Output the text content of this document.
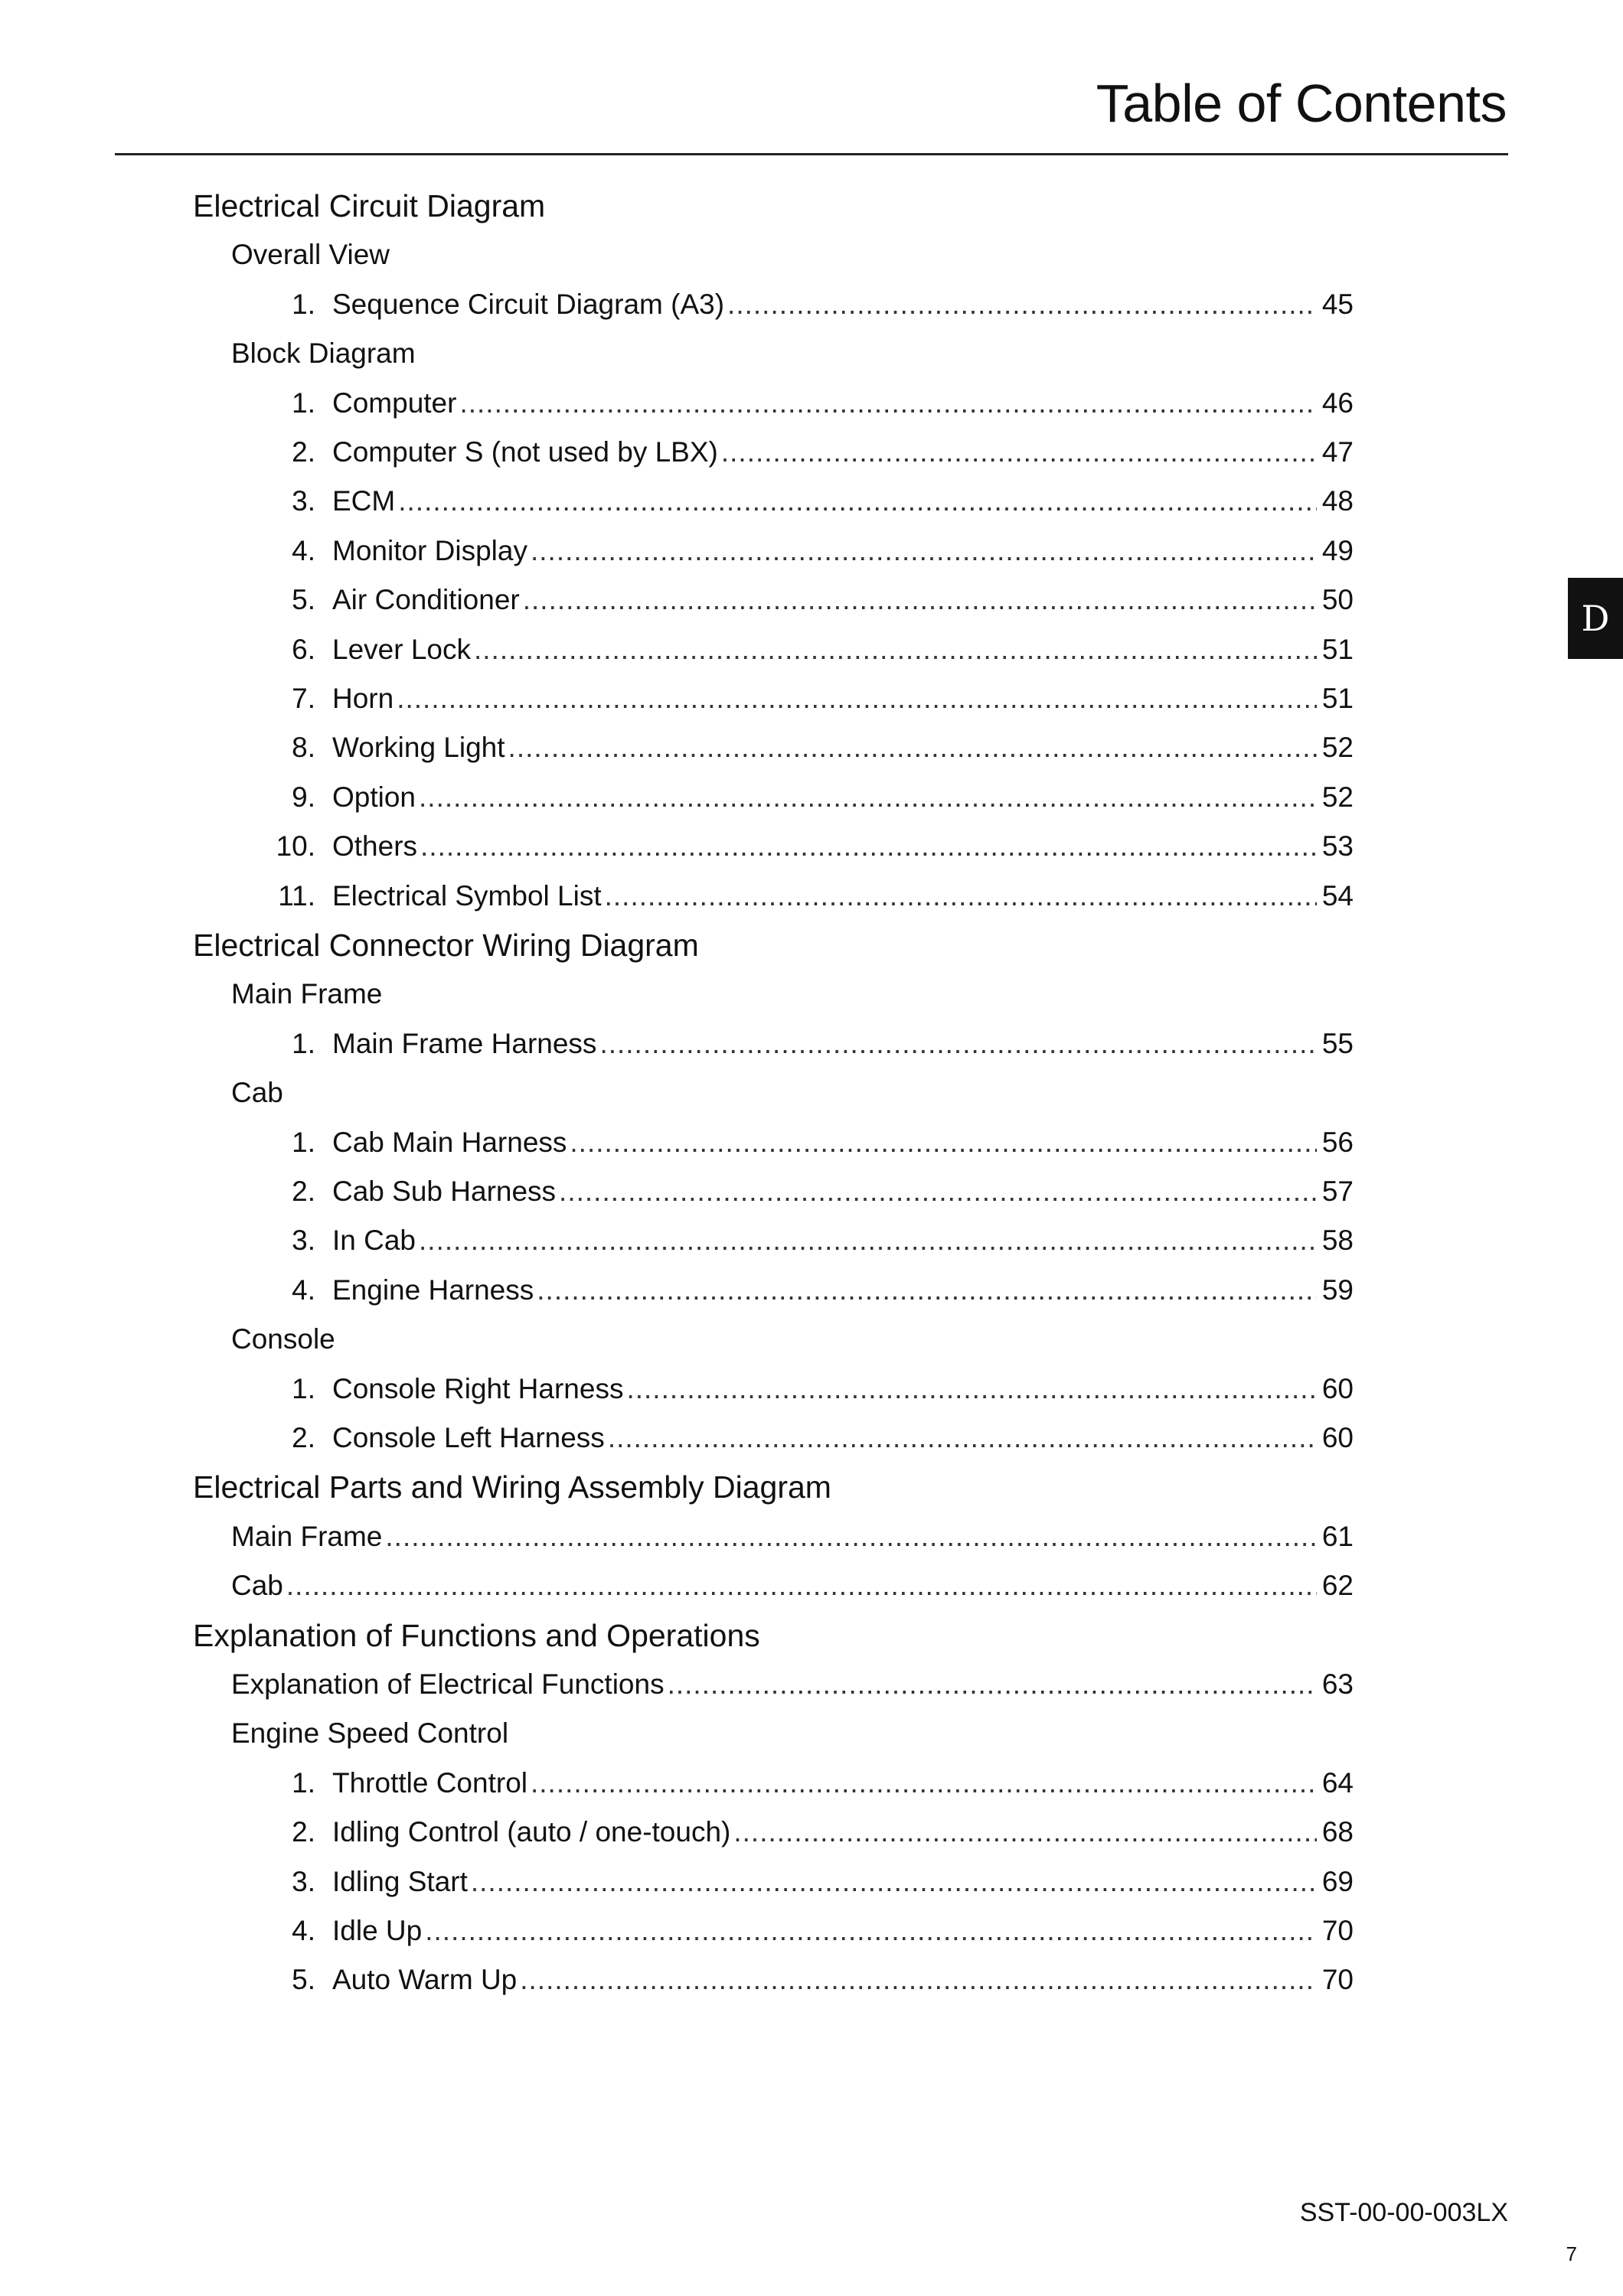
Table of Contents
Electrical Circuit Diagram
Overall View
1. Sequence Circuit Diagram (A3) .....	45
Block Diagram
1. Computer .....	46
2. Computer S (not used by LBX) .....	47
3. ECM .....	48
4. Monitor Display .....	49
5. Air Conditioner .....	50
6. Lever Lock .....	51
7. Horn .....	51
8. Working Light .....	52
9. Option .....	52
10. Others .....	53
11. Electrical Symbol List .....	54
Electrical Connector Wiring Diagram
Main Frame
1. Main Frame Harness .....	55
Cab
1. Cab Main Harness .....	56
2. Cab Sub Harness .....	57
3. In Cab .....	58
4. Engine Harness .....	59
Console
1. Console Right Harness .....	60
2. Console Left Harness .....	60
Electrical Parts and Wiring Assembly Diagram
Main Frame .....	61
Cab .....	62
Explanation of Functions and Operations
Explanation of Electrical Functions .....	63
Engine Speed Control
1. Throttle Control .....	64
2. Idling Control (auto / one-touch) .....	68
3. Idling Start .....	69
4. Idle Up .....	70
5. Auto Warm Up .....	70
D
SST-00-00-003LX
7
